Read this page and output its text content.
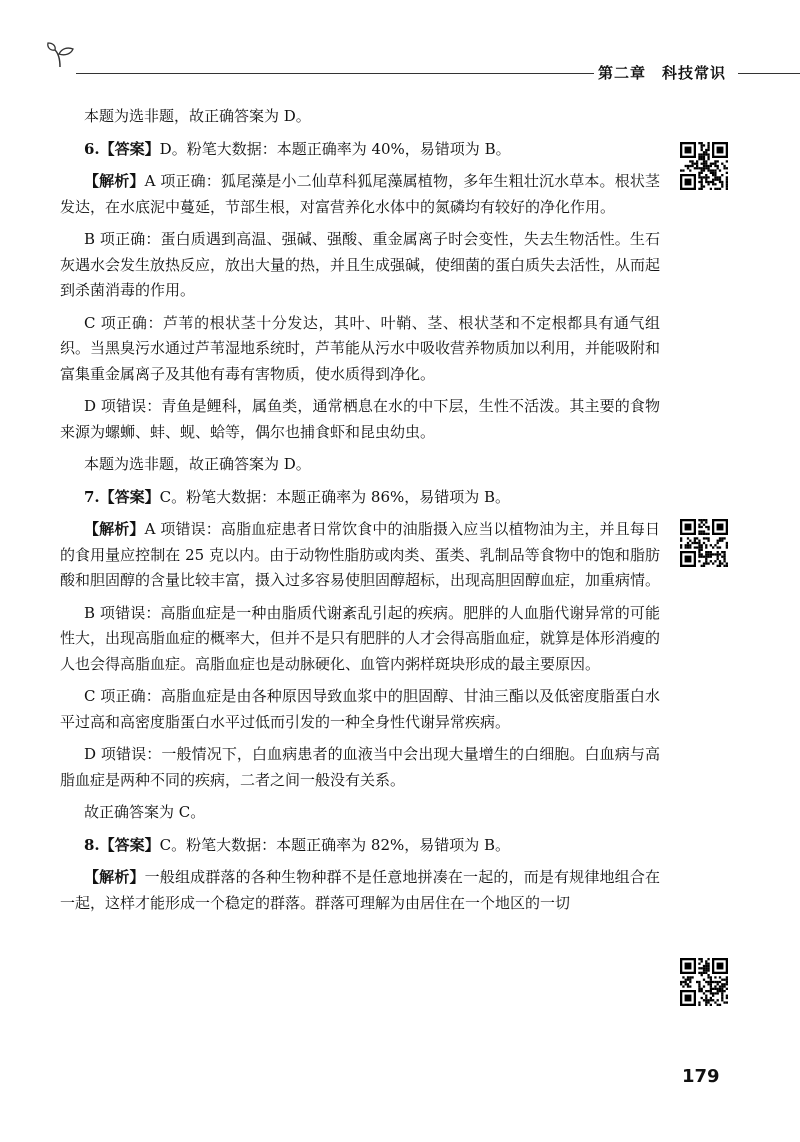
第二章　科技常识

本题为选非题，故正确答案为 D。

6.【答案】D。粉笔大数据：本题正确率为 40%，易错项为 B。

【解析】A 项正确：狐尾藻是小二仙草科狐尾藻属植物，多年生粗壮沉水草本。根状茎发达，在水底泥中蔓延，节部生根，对富营养化水体中的氮磷均有较好的净化作用。

B 项正确：蛋白质遇到高温、强碱、强酸、重金属离子时会变性，失去生物活性。生石灰遇水会发生放热反应，放出大量的热，并且生成强碱，使细菌的蛋白质失去活性，从而起到杀菌消毒的作用。

C 项正确：芦苇的根状茎十分发达，其叶、叶鞘、茎、根状茎和不定根都具有通气组织。当黑臭污水通过芦苇湿地系统时，芦苇能从污水中吸收营养物质加以利用，并能吸附和富集重金属离子及其他有毒有害物质，使水质得到净化。

D 项错误：青鱼是鲤科，属鱼类，通常栖息在水的中下层，生性不活泼。其主要的食物来源为螺蛳、蚌、蚬、蛤等，偶尔也捕食虾和昆虫幼虫。

本题为选非题，故正确答案为 D。

7.【答案】C。粉笔大数据：本题正确率为 86%，易错项为 B。

【解析】A 项错误：高脂血症患者日常饮食中的油脂摄入应当以植物油为主，并且每日的食用量应控制在 25 克以内。由于动物性脂肪或肉类、蛋类、乳制品等食物中的饱和脂肪酸和胆固醇的含量比较丰富，摄入过多容易使胆固醇超标，出现高胆固醇血症，加重病情。

B 项错误：高脂血症是一种由脂质代谢紊乱引起的疾病。肥胖的人血脂代谢异常的可能性大，出现高脂血症的概率大，但并不是只有肥胖的人才会得高脂血症，就算是体形消瘦的人也会得高脂血症。高脂血症也是动脉硬化、血管内粥样斑块形成的最主要原因。

C 项正确：高脂血症是由各种原因导致血浆中的胆固醇、甘油三酯以及低密度脂蛋白水平过高和高密度脂蛋白水平过低而引发的一种全身性代谢异常疾病。

D 项错误：一般情况下，白血病患者的血液当中会出现大量增生的白细胞。白血病与高脂血症是两种不同的疾病，二者之间一般没有关系。

故正确答案为 C。

8.【答案】C。粉笔大数据：本题正确率为 82%，易错项为 B。

【解析】一般组成群落的各种生物种群不是任意地拼凑在一起的，而是有规律地组合在一起，这样才能形成一个稳定的群落。群落可理解为由居住在一个地区的一切

179
